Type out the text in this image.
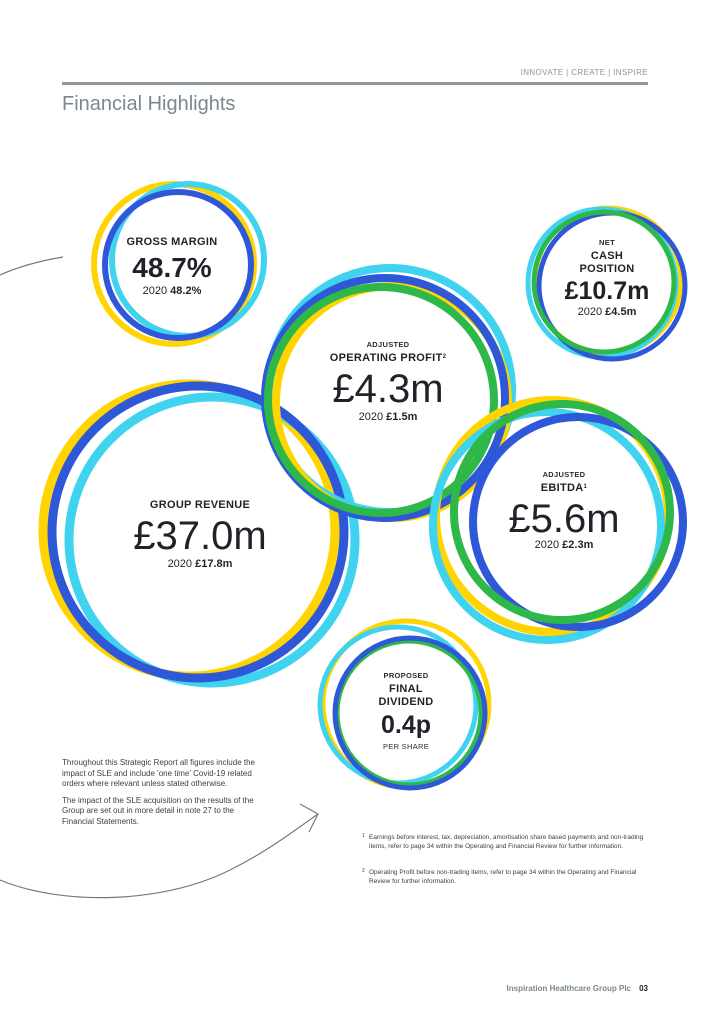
INNOVATE | CREATE | INSPIRE
Financial Highlights
GROSS MARGIN
48.7%
2020 48.2%
NET
CASH
POSITION
£10.7m
2020 £4.5m
ADJUSTED
OPERATING PROFIT$^2$
£4.3m
2020 £1.5m
ADJUSTED
EBITDA$^1$
£5.6m
2020 £2.3m
GROUP REVENUE
£37.0m
2020 £17.8m
PROPOSED
FINAL
DIVIDEND
0.4p
PER SHARE

Throughout this Strategic Report all figures include the impact of SLE and include 'one time' Covid-19 related orders where relevant unless stated otherwise.

The impact of the SLE acquisition on the results of the Group are set out in more detail in note 27 to the Financial Statements.

1 Earnings before interest, tax, depreciation, amortisation share based payments and non-trading items, refer to page 34 within the Operating and Financial Review for further information.
2 Operating Profit before non-trading items, refer to page 34 within the Operating and Financial Review for further information.
Inspiration Healthcare Group Plc 03
